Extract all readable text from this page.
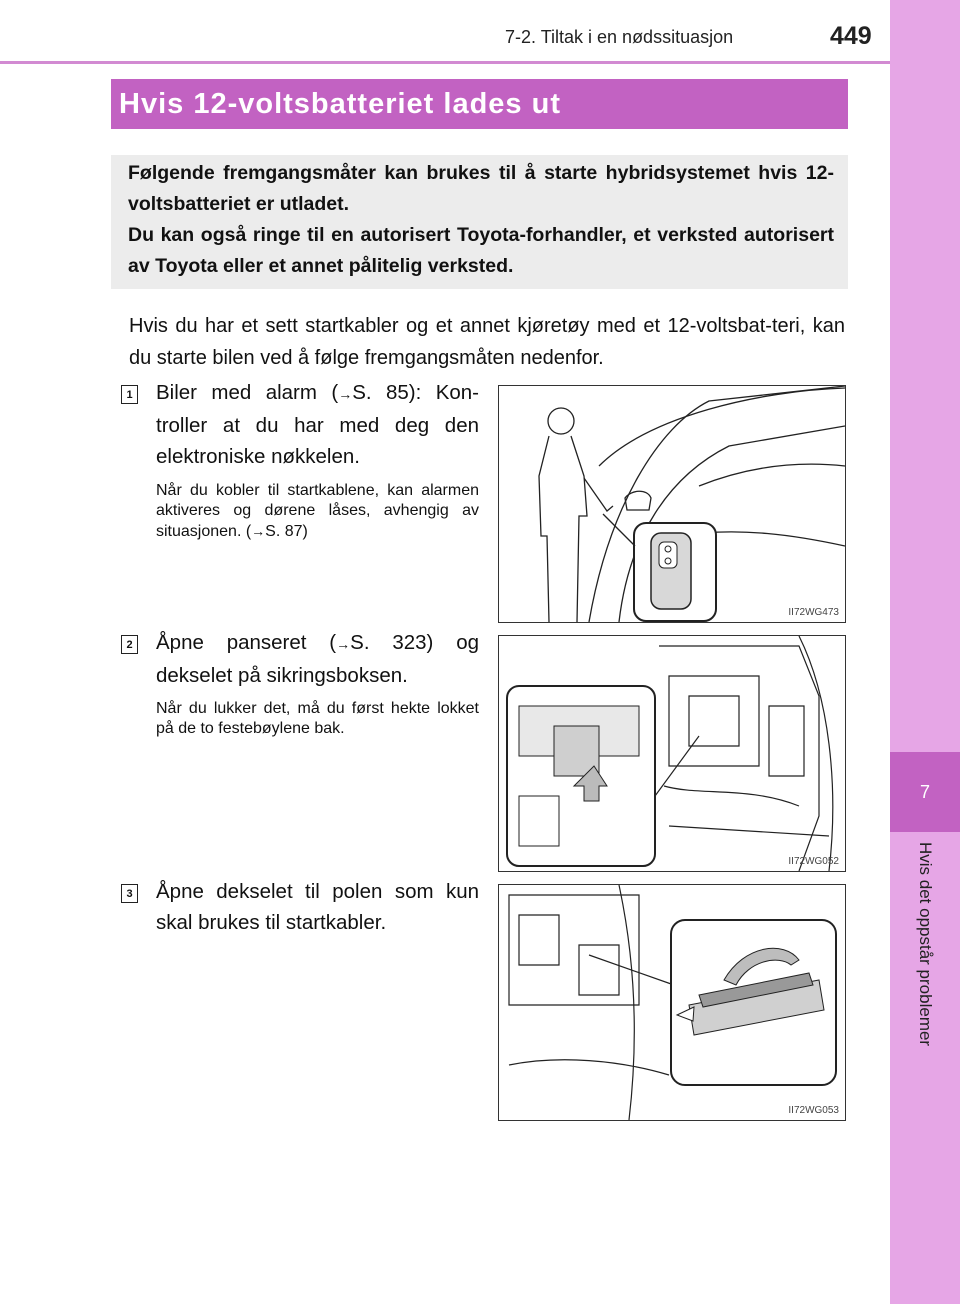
7
Hvis det oppstår problemer
7-2. Tiltak i en nødssituasjon	449
Hvis 12-voltsbatteriet lades ut

Følgende fremgangsmåter kan brukes til å starte hybridsystemet hvis 12-voltsbatteriet er utladet.

Du kan også ringe til en autorisert Toyota-forhandler, et verksted autorisert av Toyota eller et annet pålitelig verksted.

Hvis du har et sett startkabler og et annet kjøretøy med et 12-voltsbat-teri, kan du starte bilen ved å følge fremgangsmåten nedenfor.

1 Biler med alarm (→S. 85): Kon-troller at du har med deg den elektroniske nøkkelen.

Når du kobler til startkablene, kan alarmen aktiveres og dørene låses, avhengig av situasjonen. (→S. 87)

II72WG473
2 Åpne panseret (→S. 323) og dekselet på sikringsboksen.

Når du lukker det, må du først hekte lokket på de to festebøylene bak.

II72WG052
3 Åpne dekselet til polen som kun skal brukes til startkabler.

II72WG053
